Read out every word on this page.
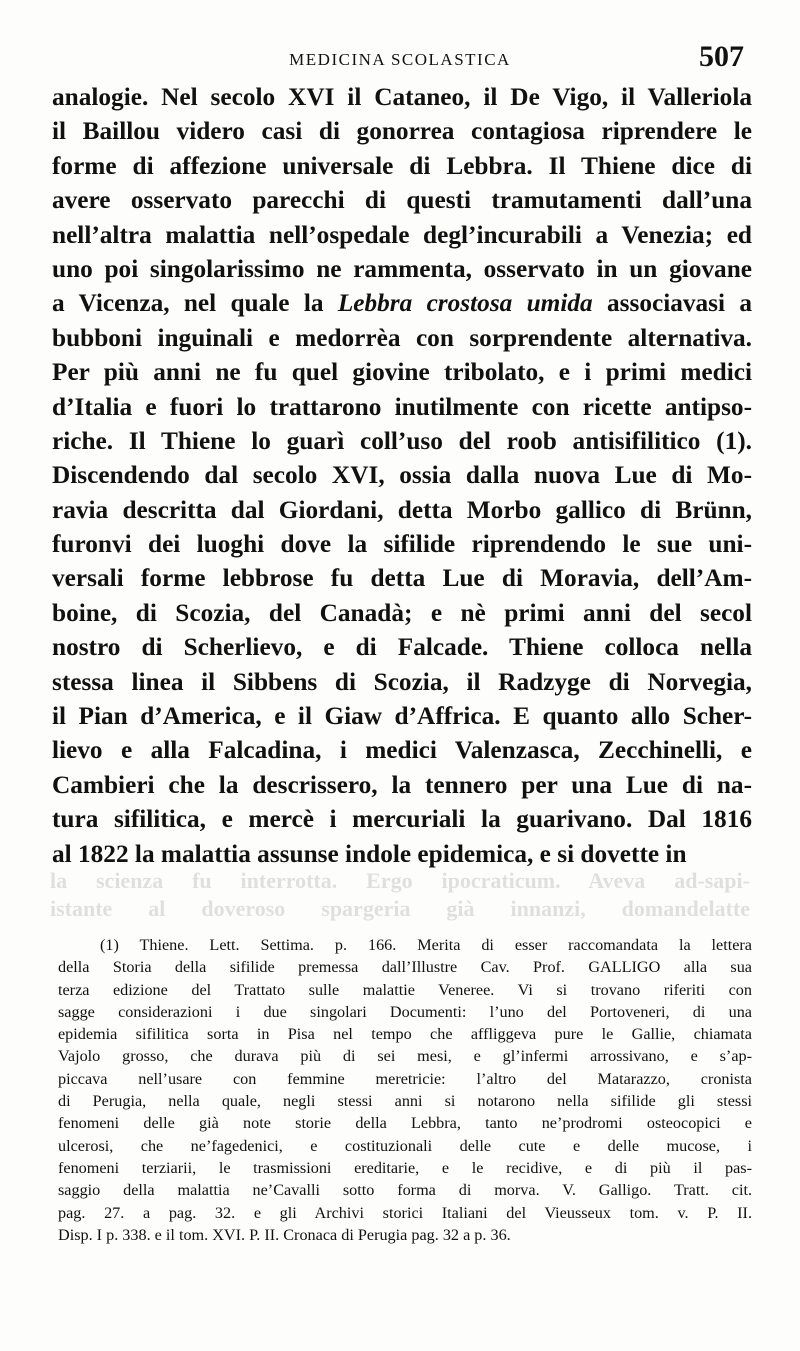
MEDICINA SCOLASTICA	507
analogie. Nel secolo XVI il Cataneo, il De Vigo, il Valleriola
il Baillou videro casi di gonorrea contagiosa riprendere le
forme di affezione universale di Lebbra. Il Thiene dice di
avere osservato parecchi di questi tramutamenti dall’una
nell’altra malattia nell’ospedale degl’incurabili a Venezia; ed
uno poi singolarissimo ne rammenta, osservato in un giovane
a Vicenza, nel quale la Lebbra crostosa umida associavasi a
bubboni inguinali e medorrèa con sorprendente alternativa.
Per più anni ne fu quel giovine tribolato, e i primi medici
d’Italia e fuori lo trattarono inutilmente con ricette antipso-
riche. Il Thiene lo guarì coll’uso del roob antisifilitico (1).
Discendendo dal secolo XVI, ossia dalla nuova Lue di Mo-
ravia descritta dal Giordani, detta Morbo gallico di Brünn,
furonvi dei luoghi dove la sifilide riprendendo le sue uni-
versali forme lebbrose fu detta Lue di Moravia, dell’Am-
boine, di Scozia, del Canadà; e nè primi anni del secol
nostro di Scherlievo, e di Falcade. Thiene colloca nella
stessa linea il Sibbens di Scozia, il Radzyge di Norvegia,
il Pian d’America, e il Giaw d’Affrica. E quanto allo Scher-
lievo e alla Falcadina, i medici Valenzasca, Zecchinelli, e
Cambieri che la descrissero, la tennero per una Lue di na-
tura sifilitica, e mercè i mercuriali la guarivano. Dal 1816
al 1822 la malattia assunse indole epidemica, e si dovette in
la scienza fu interrotta. Ergo ipocraticum. Aveva ad-sapi-
istante al doveroso spargeria già innanzi, domandelatte
(1) Thiene. Lett. Settima. p. 166. Merita di esser raccomandata la lettera
della Storia della sifilide premessa dall’Illustre Cav. Prof. GALLIGO alla sua
terza edizione del Trattato sulle malattie Veneree. Vi si trovano riferiti con
sagge considerazioni i due singolari Documenti: l’uno del Portoveneri, di una
epidemia sifilitica sorta in Pisa nel tempo che affliggeva pure le Gallie, chiamata
Vajolo grosso, che durava più di sei mesi, e gl’infermi arrossivano, e s’ap-
piccava nell’usare con femmine meretricie: l’altro del Matarazzo, cronista
di Perugia, nella quale, negli stessi anni si notarono nella sifilide gli stessi
fenomeni delle già note storie della Lebbra, tanto ne’prodromi osteocopici e
ulcerosi, che ne’fagedenici, e costituzionali delle cute e delle mucose, i
fenomeni terziarii, le trasmissioni ereditarie, e le recidive, e di più il pas-
saggio della malattia ne’Cavalli sotto forma di morva. V. Galligo. Tratt. cit.
pag. 27. a pag. 32. e gli Archivi storici Italiani del Vieusseux tom. v. P. II.
Disp. I p. 338. e il tom. XVI. P. II. Cronaca di Perugia pag. 32 a p. 36.
